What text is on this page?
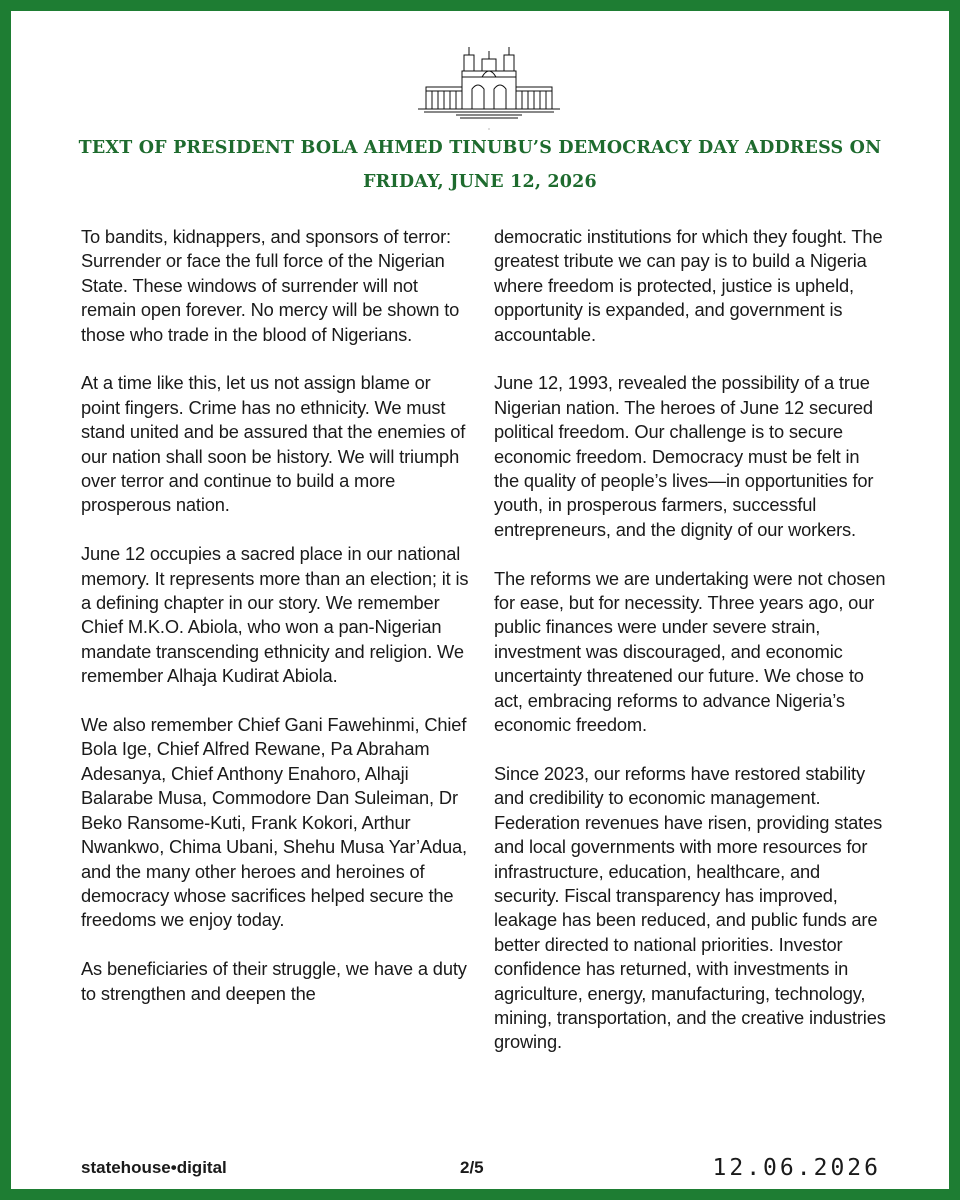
TEXT OF PRESIDENT BOLA AHMED TINUBU’S DEMOCRACY DAY ADDRESS ON
FRIDAY, JUNE 12, 2026

To bandits, kidnappers, and sponsors of terror: Surrender or face the full force of the Nigerian State. These windows of surrender will not remain open forever. No mercy will be shown to those who trade in the blood of Nigerians.

At a time like this, let us not assign blame or point fingers. Crime has no ethnicity. We must stand united and be assured that the enemies of our nation shall soon be history. We will triumph over terror and continue to build a more prosperous nation.

June 12 occupies a sacred place in our national memory. It represents more than an election; it is a defining chapter in our story. We remember Chief M.K.O. Abiola, who won a pan-Nigerian mandate transcending ethnicity and religion. We remember Alhaja Kudirat Abiola.

We also remember Chief Gani Fawehinmi, Chief Bola Ige, Chief Alfred Rewane, Pa Abraham Adesanya, Chief Anthony Enahoro, Alhaji Balarabe Musa, Commodore Dan Suleiman, Dr Beko Ransome-Kuti, Frank Kokori, Arthur Nwankwo, Chima Ubani, Shehu Musa Yar’Adua, and the many other heroes and heroines of democracy whose sacrifices helped secure the freedoms we enjoy today.

As beneficiaries of their struggle, we have a duty to strengthen and deepen the

democratic institutions for which they fought. The greatest tribute we can pay is to build a Nigeria where freedom is protected, justice is upheld, opportunity is expanded, and government is accountable.

June 12, 1993, revealed the possibility of a true Nigerian nation. The heroes of June 12 secured political freedom. Our challenge is to secure economic freedom. Democracy must be felt in the quality of people’s lives—in opportunities for youth, in prosperous farmers, successful entrepreneurs, and the dignity of our workers.

The reforms we are undertaking were not chosen for ease, but for necessity. Three years ago, our public finances were under severe strain, investment was discouraged, and economic uncertainty threatened our future. We chose to act, embracing reforms to advance Nigeria’s economic freedom.

Since 2023, our reforms have restored stability and credibility to economic management. Federation revenues have risen, providing states and local governments with more resources for infrastructure, education, healthcare, and security. Fiscal transparency has improved, leakage has been reduced, and public funds are better directed to national priorities. Investor confidence has returned, with investments in agriculture, energy, manufacturing, technology, mining, transportation, and the creative industries growing.

statehouse•digital	2/5	12.06.2026
